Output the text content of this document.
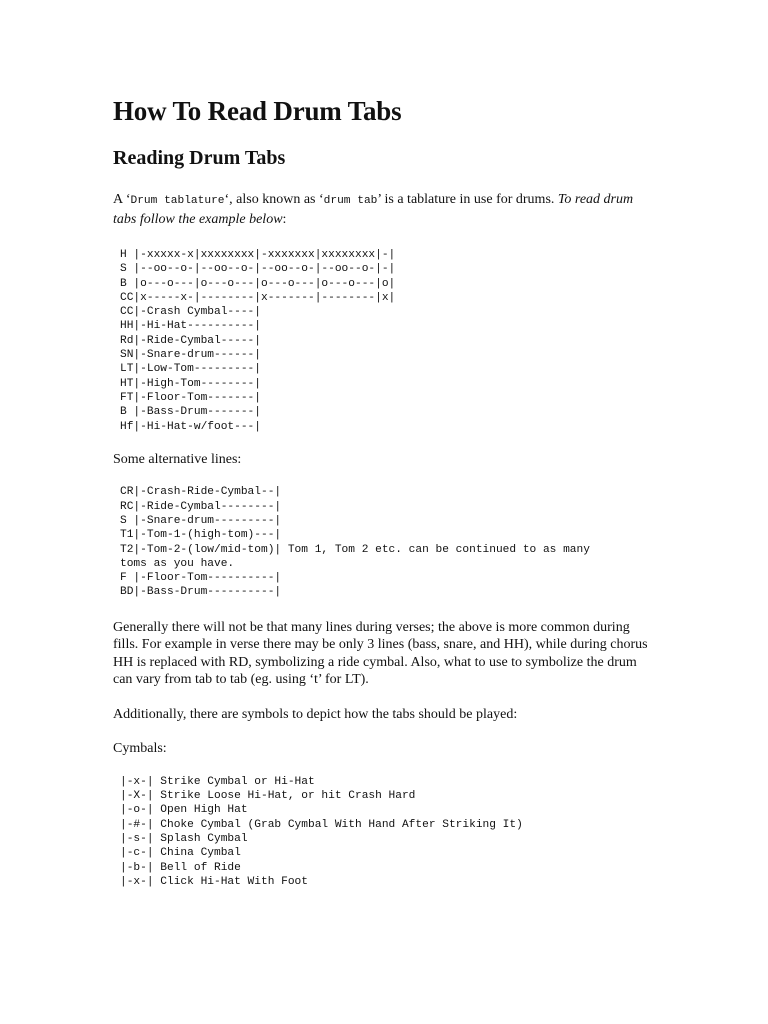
How To Read Drum Tabs
Reading Drum Tabs

A ‘Drum tablature‘, also known as ‘drum tab’ is a tablature in use for drums. To read drum tabs follow the example below:

H |-xxxxx-x|xxxxxxxx|-xxxxxxx|xxxxxxxx|-|
S |--oo--o-|--oo--o-|--oo--o-|--oo--o-|-|
B |o---o---|o---o---|o---o---|o---o---|o|
CC|x-----x-|--------|x-------|--------|x|
CC|-Crash Cymbal----|
HH|-Hi-Hat----------|
Rd|-Ride-Cymbal-----|
SN|-Snare-drum------|
LT|-Low-Tom---------|
HT|-High-Tom--------|
FT|-Floor-Tom-------|
B |-Bass-Drum-------|
Hf|-Hi-Hat-w/foot---|

Some alternative lines:

CR|-Crash-Ride-Cymbal--|
RC|-Ride-Cymbal--------|
S |-Snare-drum---------|
T1|-Tom-1-(high-tom)---|
T2|-Tom-2-(low/mid-tom)| Tom 1, Tom 2 etc. can be continued to as many
toms as you have.
F |-Floor-Tom----------|
BD|-Bass-Drum----------|

Generally there will not be that many lines during verses; the above is more common during fills. For example in verse there may be only 3 lines (bass, snare, and HH), while during chorus HH is replaced with RD, symbolizing a ride cymbal. Also, what to use to symbolize the drum can vary from tab to tab (eg. using ‘t’ for LT).

Additionally, there are symbols to depict how the tabs should be played:

Cymbals:

|-x-| Strike Cymbal or Hi-Hat
|-X-| Strike Loose Hi-Hat, or hit Crash Hard
|-o-| Open High Hat
|-#-| Choke Cymbal (Grab Cymbal With Hand After Striking It)
|-s-| Splash Cymbal
|-c-| China Cymbal
|-b-| Bell of Ride
|-x-| Click Hi-Hat With Foot
